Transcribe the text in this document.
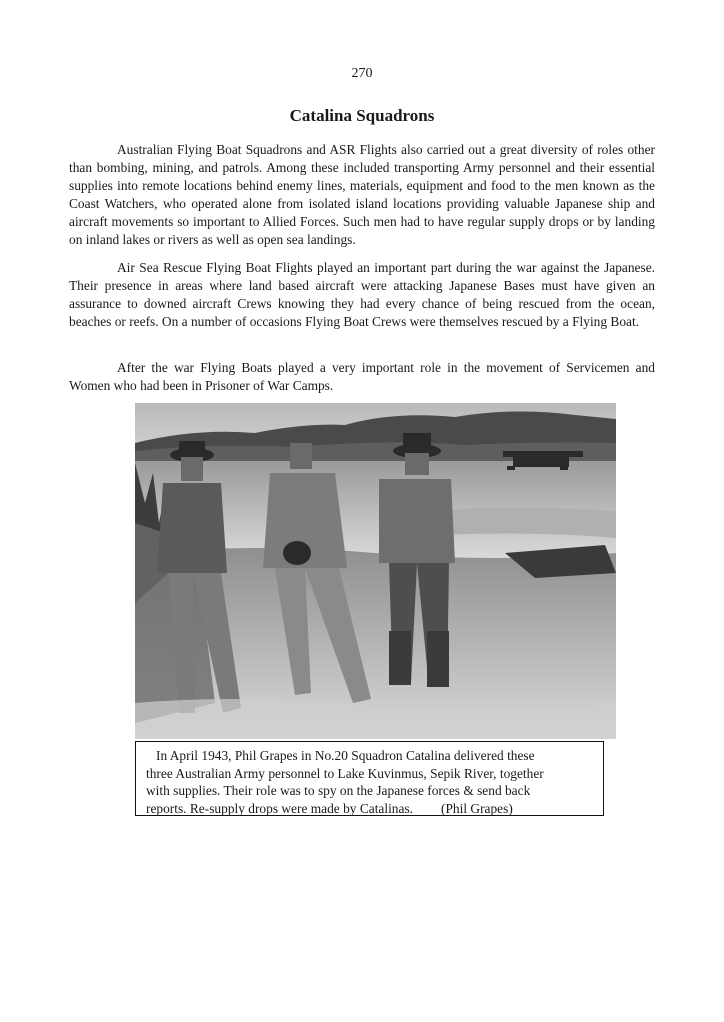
270
Catalina Squadrons

Australian Flying Boat Squadrons and ASR Flights also carried out a great diversity of roles other than bombing, mining, and patrols. Among these included transporting Army personnel and their essential supplies into remote locations behind enemy lines, materials, equipment and food to the men known as the Coast Watchers, who operated alone from isolated island locations providing valuable Japanese ship and aircraft movements so important to Allied Forces. Such men had to have regular supply drops or by landing on inland lakes or rivers as well as open sea landings.

Air Sea Rescue Flying Boat Flights played an important part during the war against the Japanese. Their presence in areas where land based aircraft were attacking Japanese Bases must have given an assurance to downed aircraft Crews knowing they had every chance of being rescued from the ocean, beaches or reefs. On a number of occasions Flying Boat Crews were themselves rescued by a Flying Boat.

After the war Flying Boats played a very important role in the movement of Servicemen and Women who had been in Prisoner of War Camps.

In April 1943, Phil Grapes in No.20 Squadron Catalina delivered these
three Australian Army personnel to Lake Kuvinmus, Sepik River, together
with supplies. Their role was to spy on the Japanese forces & send back
reports. Re-supply drops were made by Catalinas. (Phil Grapes)
